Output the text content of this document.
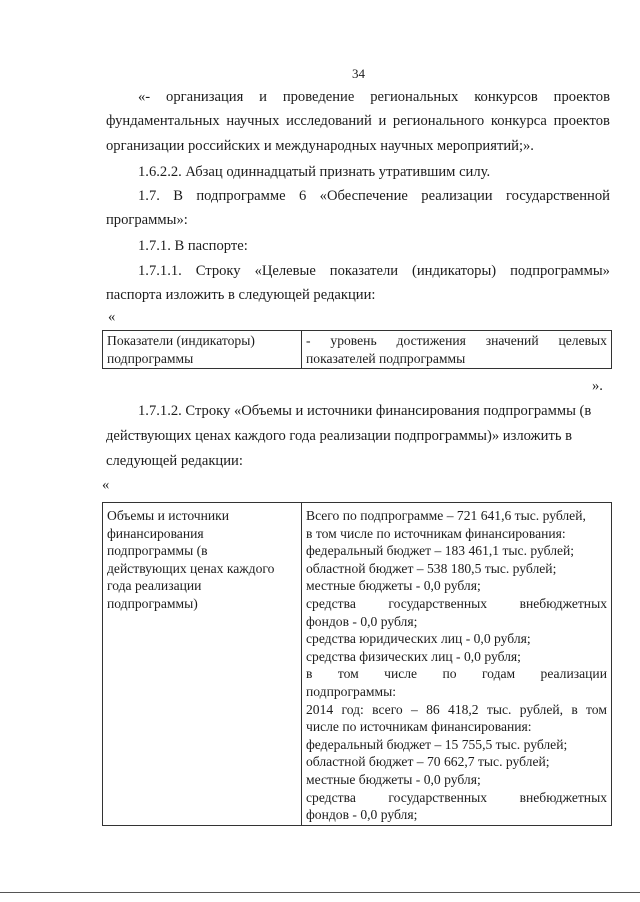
34
«- организация и проведение региональных конкурсов проектов
фундаментальных научных исследований и регионального конкурса проектов
организации российских и международных научных мероприятий;».
1.6.2.2. Абзац одиннадцатый признать утратившим силу.
1.7. В подпрограмме 6 «Обеспечение реализации государственной
программы»:
1.7.1. В паспорте:
1.7.1.1. Строку «Целевые показатели (индикаторы) подпрограммы»
паспорта изложить в следующей редакции:
«
Показатели (индикаторы)
подпрограммы

- уровень достижения значений целевых
показателей подпрограммы
».
1.7.1.2. Строку «Объемы и источники финансирования подпрограммы (в
действующих ценах каждого года реализации подпрограммы)» изложить в
следующей редакции:
«
Объемы и источники
финансирования
подпрограммы (в
действующих ценах каждого
года реализации
подпрограммы)

Всего по подпрограмме – 721 641,6 тыс. рублей,
в том числе по источникам финансирования:
федеральный бюджет – 183 461,1 тыс. рублей;
областной бюджет – 538 180,5 тыс. рублей;
местные бюджеты - 0,0 рубля;
средства государственных внебюджетных
фондов - 0,0 рубля;
средства юридических лиц - 0,0 рубля;
средства физических лиц - 0,0 рубля;
в том числе по годам реализации
подпрограммы:
2014 год: всего – 86 418,2 тыс. рублей, в том
числе по источникам финансирования:
федеральный бюджет – 15 755,5 тыс. рублей;
областной бюджет – 70 662,7 тыс. рублей;
местные бюджеты - 0,0 рубля;
средства государственных внебюджетных
фондов - 0,0 рубля;
